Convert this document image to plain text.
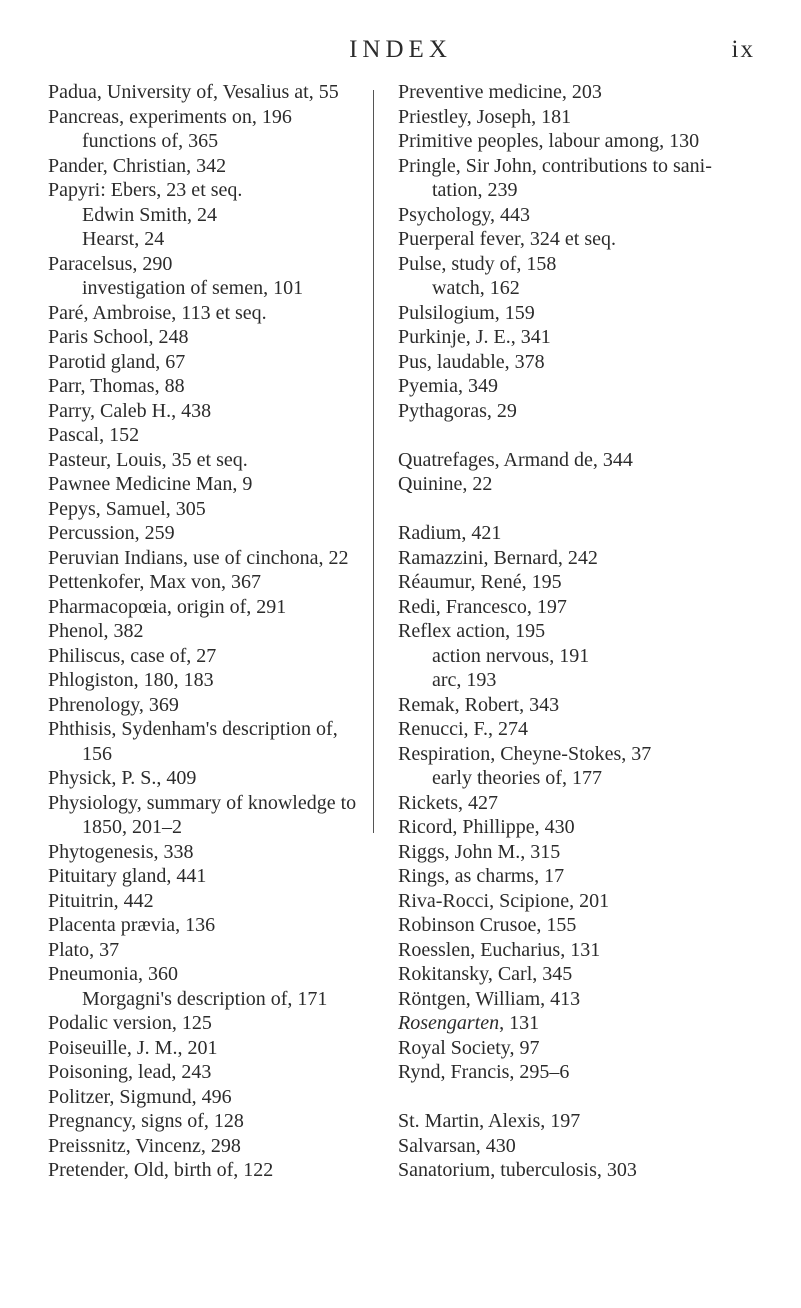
INDEX	ix
Padua, University of, Vesalius at, 55
Pancreas, experiments on, 196
functions of, 365
Pander, Christian, 342
Papyri: Ebers, 23 et seq.
Edwin Smith, 24
Hearst, 24
Paracelsus, 290
investigation of semen, 101
Paré, Ambroise, 113 et seq.
Paris School, 248
Parotid gland, 67
Parr, Thomas, 88
Parry, Caleb H., 438
Pascal, 152
Pasteur, Louis, 35 et seq.
Pawnee Medicine Man, 9
Pepys, Samuel, 305
Percussion, 259
Peruvian Indians, use of cinchona, 22
Pettenkofer, Max von, 367
Pharmacopœia, origin of, 291
Phenol, 382
Philiscus, case of, 27
Phlogiston, 180, 183
Phrenology, 369
Phthisis, Sydenham's description of,
156
Physick, P. S., 409
Physiology, summary of knowledge to
1850, 201–2
Phytogenesis, 338
Pituitary gland, 441
Pituitrin, 442
Placenta prævia, 136
Plato, 37
Pneumonia, 360
Morgagni's description of, 171
Podalic version, 125
Poiseuille, J. M., 201
Poisoning, lead, 243
Politzer, Sigmund, 496
Pregnancy, signs of, 128
Preissnitz, Vincenz, 298
Pretender, Old, birth of, 122
Preventive medicine, 203
Priestley, Joseph, 181
Primitive peoples, labour among, 130
Pringle, Sir John, contributions to sani-
tation, 239
Psychology, 443
Puerperal fever, 324 et seq.
Pulse, study of, 158
watch, 162
Pulsilogium, 159
Purkinje, J. E., 341
Pus, laudable, 378
Pyemia, 349
Pythagoras, 29
Quatrefages, Armand de, 344
Quinine, 22
Radium, 421
Ramazzini, Bernard, 242
Réaumur, René, 195
Redi, Francesco, 197
Reflex action, 195
action nervous, 191
arc, 193
Remak, Robert, 343
Renucci, F., 274
Respiration, Cheyne-Stokes, 37
early theories of, 177
Rickets, 427
Ricord, Phillippe, 430
Riggs, John M., 315
Rings, as charms, 17
Riva-Rocci, Scipione, 201
Robinson Crusoe, 155
Roesslen, Eucharius, 131
Rokitansky, Carl, 345
Röntgen, William, 413
Rosengarten, 131
Royal Society, 97
Rynd, Francis, 295–6
St. Martin, Alexis, 197
Salvarsan, 430
Sanatorium, tuberculosis, 303
